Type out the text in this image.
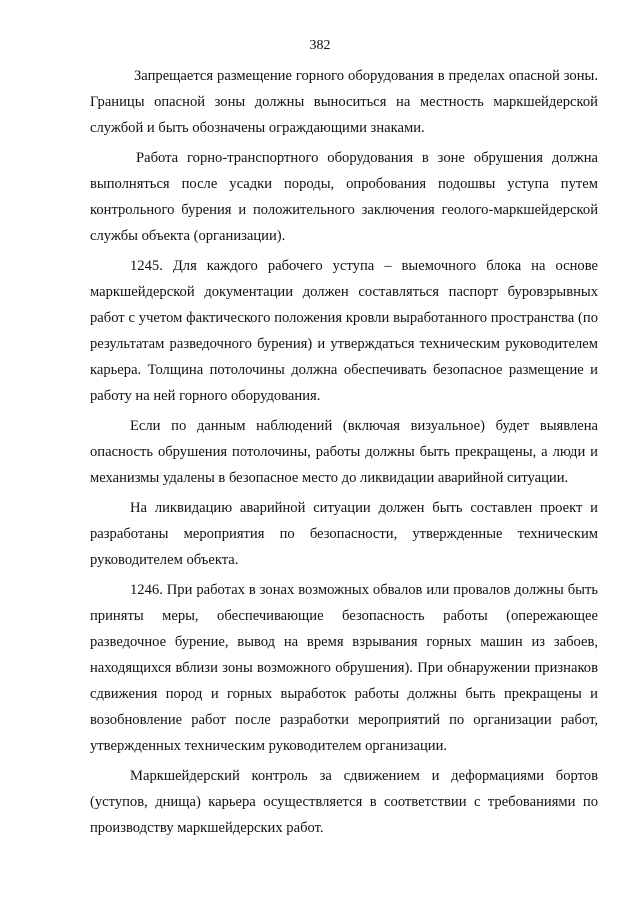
382

Запрещается размещение горного оборудования в пределах опасной зоны. Границы опасной зоны должны выноситься на местность маркшейдерской службой и быть обозначены ограждающими знаками.

Работа горно-транспортного оборудования в зоне обрушения должна выполняться после усадки породы, опробования подошвы уступа путем контрольного бурения и положительного заключения геолого-маркшейдерской службы объекта (организации).

1245. Для каждого рабочего уступа – выемочного блока на основе маркшейдерской документации должен составляться паспорт буровзрывных работ с учетом фактического положения кровли выработанного пространства (по результатам разведочного бурения) и утверждаться техническим руководителем карьера. Толщина потолочины должна обеспечивать безопасное размещение и работу на ней горного оборудования.

Если по данным наблюдений (включая визуальное) будет выявлена опасность обрушения потолочины, работы должны быть прекращены, а люди и механизмы удалены в безопасное место до ликвидации аварийной ситуации.

На ликвидацию аварийной ситуации должен быть составлен проект и разработаны мероприятия по безопасности, утвержденные техническим руководителем объекта.

1246. При работах в зонах возможных обвалов или провалов должны быть приняты меры, обеспечивающие безопасность работы (опережающее разведочное бурение, вывод на время взрывания горных машин из забоев, находящихся вблизи зоны возможного обрушения). При обнаружении признаков сдвижения пород и горных выработок работы должны быть прекращены и возобновление работ после разработки мероприятий по организации работ, утвержденных техническим руководителем организации.

Маркшейдерский контроль за сдвижением и деформациями бортов (уступов, днища) карьера осуществляется в соответствии с требованиями по производству маркшейдерских работ.
